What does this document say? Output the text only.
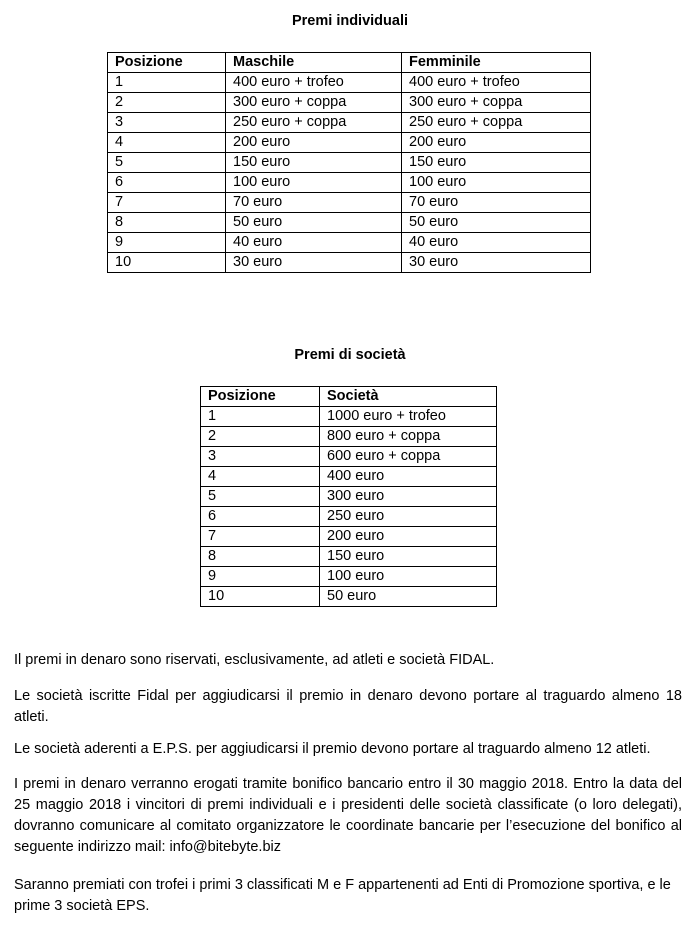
Premi individuali
Posizione	Maschile	Femminile
1	400 euro + trofeo	400 euro + trofeo
2	300 euro + coppa	300 euro + coppa
3	250 euro + coppa	250 euro + coppa
4	200 euro	200 euro
5	150 euro	150 euro
6	100 euro	100 euro
7	70 euro	70 euro
8	50 euro	50 euro
9	40 euro	40 euro
10	30 euro	30 euro
Premi di società
Posizione	Società
1	1000 euro + trofeo
2	800 euro + coppa
3	600 euro + coppa
4	400 euro
5	300 euro
6	250 euro
7	200 euro
8	150 euro
9	100 euro
10	50 euro
Il premi in denaro sono riservati, esclusivamente, ad atleti e società FIDAL.
Le società iscritte Fidal per aggiudicarsi il premio in denaro devono portare al traguardo almeno 18 atleti.
Le società aderenti a E.P.S. per aggiudicarsi il premio devono portare al traguardo almeno 12 atleti.
I premi in denaro verranno erogati tramite bonifico bancario entro il 30 maggio 2018. Entro la data del 25 maggio 2018 i vincitori di premi individuali e i presidenti delle società classificate (o loro delegati), dovranno comunicare al comitato organizzatore le coordinate bancarie per l’esecuzione del bonifico al seguente indirizzo mail: info@bitebyte.biz
Saranno premiati con trofei i primi 3 classificati M e F appartenenti ad Enti di Promozione sportiva, e le prime 3 società EPS.
